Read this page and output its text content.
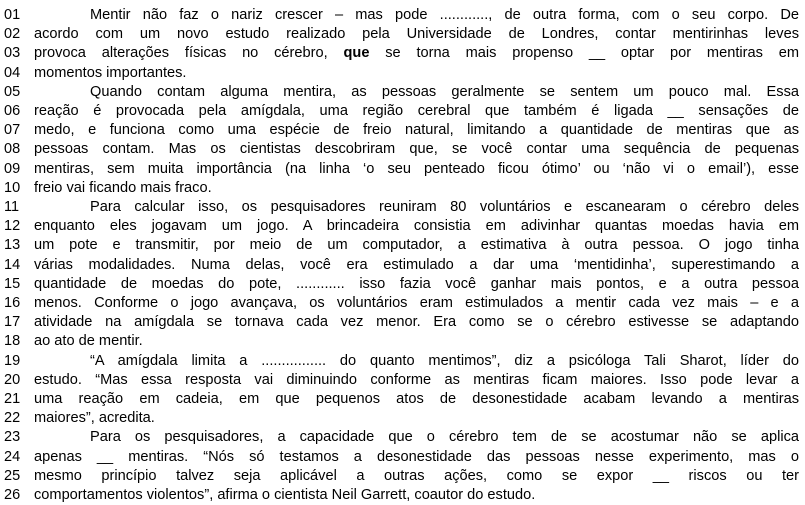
01	Mentir não faz o nariz crescer – mas pode ............, de outra forma, com o seu corpo. De
02 acordo com um novo estudo realizado pela Universidade de Londres, contar mentirinhas leves
03 provoca alterações físicas no cérebro, que se torna mais propenso __ optar por mentiras em
04 momentos importantes.
05	Quando contam alguma mentira, as pessoas geralmente se sentem um pouco mal. Essa
06 reação é provocada pela amígdala, uma região cerebral que também é ligada __ sensações de
07 medo, e funciona como uma espécie de freio natural, limitando a quantidade de mentiras que as
08 pessoas contam. Mas os cientistas descobriram que, se você contar uma sequência de pequenas
09 mentiras, sem muita importância (na linha ‘o seu penteado ficou ótimo’ ou ‘não vi o email’), esse
10 freio vai ficando mais fraco.
11	Para calcular isso, os pesquisadores reuniram 80 voluntários e escanearam o cérebro deles
12 enquanto eles jogavam um jogo. A brincadeira consistia em adivinhar quantas moedas havia em
13 um pote e transmitir, por meio de um computador, a estimativa à outra pessoa. O jogo tinha
14 várias modalidades. Numa delas, você era estimulado a dar uma ‘mentidinha’, superestimando a
15 quantidade de moedas do pote, ............ isso fazia você ganhar mais pontos, e a outra pessoa
16 menos. Conforme o jogo avançava, os voluntários eram estimulados a mentir cada vez mais – e a
17 atividade na amígdala se tornava cada vez menor. Era como se o cérebro estivesse se adaptando
18 ao ato de mentir.
19	“A amígdala limita a ................ do quanto mentimos”, diz a psicóloga Tali Sharot, líder do
20 estudo. “Mas essa resposta vai diminuindo conforme as mentiras ficam maiores. Isso pode levar a
21 uma reação em cadeia, em que pequenos atos de desonestidade acabam levando a mentiras
22 maiores”, acredita.
23	Para os pesquisadores, a capacidade que o cérebro tem de se acostumar não se aplica
24 apenas __ mentiras. “Nós só testamos a desonestidade das pessoas nesse experimento, mas o
25 mesmo princípio talvez seja aplicável a outras ações, como se expor __ riscos ou ter
26 comportamentos violentos”, afirma o cientista Neil Garrett, coautor do estudo.
